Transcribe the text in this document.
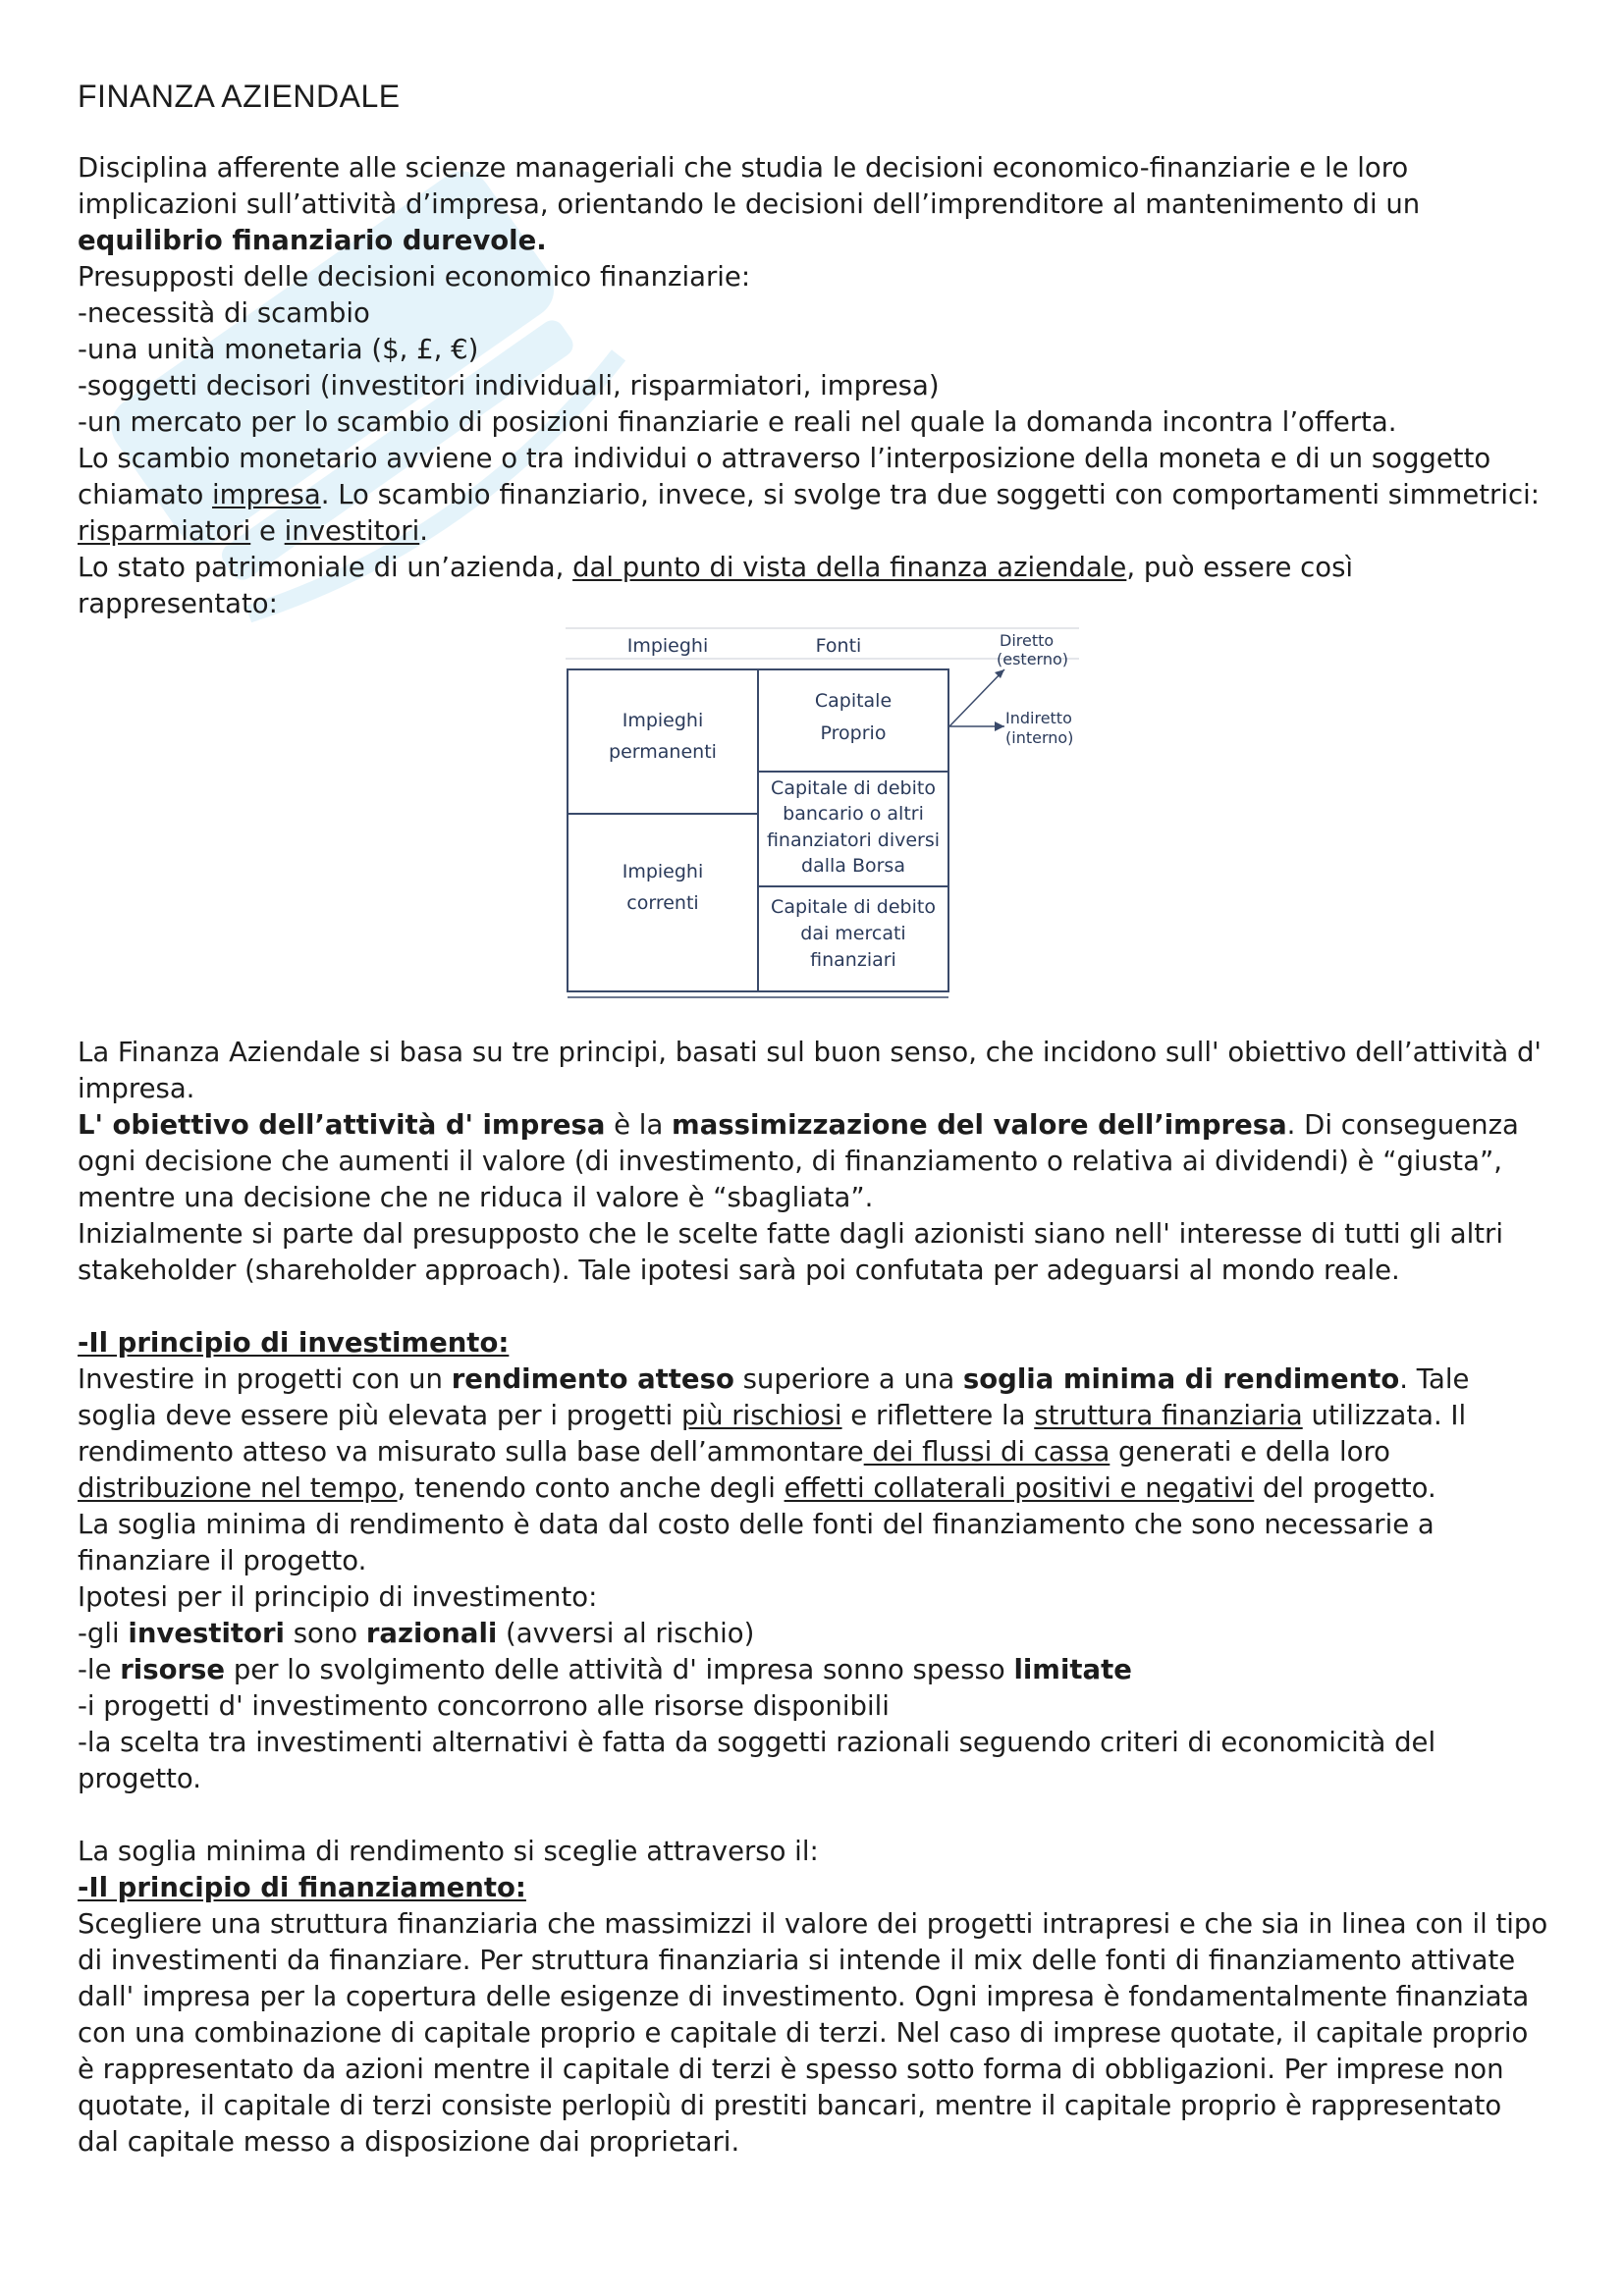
FINANZA AZIENDALE

Disciplina afferente alle scienze manageriali che studia le decisioni economico-finanziarie e le loro implicazioni sull’attività d’impresa, orientando le decisioni dell’imprenditore al mantenimento di un equilibrio finanziario durevole.

Presupposti delle decisioni economico finanziarie:

-necessità di scambio
-una unità monetaria ($, £, €)
-soggetti decisori (investitori individuali, risparmiatori, impresa)
-un mercato per lo scambio di posizioni finanziarie e reali nel quale la domanda incontra l’offerta.

Lo scambio monetario avviene o tra individui o attraverso l’interposizione della moneta e di un soggetto chiamato impresa. Lo scambio finanziario, invece, si svolge tra due soggetti con comportamenti simmetrici: risparmiatori e investitori.

Lo stato patrimoniale di un’azienda, dal punto di vista della finanza aziendale, può essere così rappresentato:

Impieghi	Fonti
Impieghi
permanenti
Impieghi
correnti
Capitale
Proprio
Capitale di debito
bancario o altri
finanziatori diversi
dalla Borsa
Capitale di debito
dai mercati
finanziari
Diretto
(esterno)
Indiretto
(interno)

La Finanza Aziendale si basa su tre principi, basati sul buon senso, che incidono sull' obiettivo dell’attività d' impresa.

L' obiettivo dell’attività d' impresa è la massimizzazione del valore dell’impresa. Di conseguenza ogni decisione che aumenti il valore (di investimento, di finanziamento o relativa ai dividendi) è “giusta”, mentre una decisione che ne riduca il valore è “sbagliata”.

Inizialmente si parte dal presupposto che le scelte fatte dagli azionisti siano nell' interesse di tutti gli altri stakeholder (shareholder approach). Tale ipotesi sarà poi confutata per adeguarsi al mondo reale.

-Il principio di investimento:

Investire in progetti con un rendimento atteso superiore a una soglia minima di rendimento. Tale soglia deve essere più elevata per i progetti più rischiosi e riflettere la struttura finanziaria utilizzata. Il rendimento atteso va misurato sulla base dell’ammontare dei flussi di cassa generati e della loro distribuzione nel tempo, tenendo conto anche degli effetti collaterali positivi e negativi del progetto.

La soglia minima di rendimento è data dal costo delle fonti del finanziamento che sono necessarie a finanziare il progetto.

Ipotesi per il principio di investimento:

-gli investitori sono razionali (avversi al rischio)
-le risorse per lo svolgimento delle attività d' impresa sonno spesso limitate
-i progetti d' investimento concorrono alle risorse disponibili
-la scelta tra investimenti alternativi è fatta da soggetti razionali seguendo criteri di economicità del progetto.

La soglia minima di rendimento si sceglie attraverso il:

-Il principio di finanziamento:

Scegliere una struttura finanziaria che massimizzi il valore dei progetti intrapresi e che sia in linea con il tipo di investimenti da finanziare. Per struttura finanziaria si intende il mix delle fonti di finanziamento attivate dall' impresa per la copertura delle esigenze di investimento. Ogni impresa è fondamentalmente finanziata con una combinazione di capitale proprio e capitale di terzi. Nel caso di imprese quotate, il capitale proprio è rappresentato da azioni mentre il capitale di terzi è spesso sotto forma di obbligazioni. Per imprese non quotate, il capitale di terzi consiste perlopiù di prestiti bancari, mentre il capitale proprio è rappresentato dal capitale messo a disposizione dai proprietari.
